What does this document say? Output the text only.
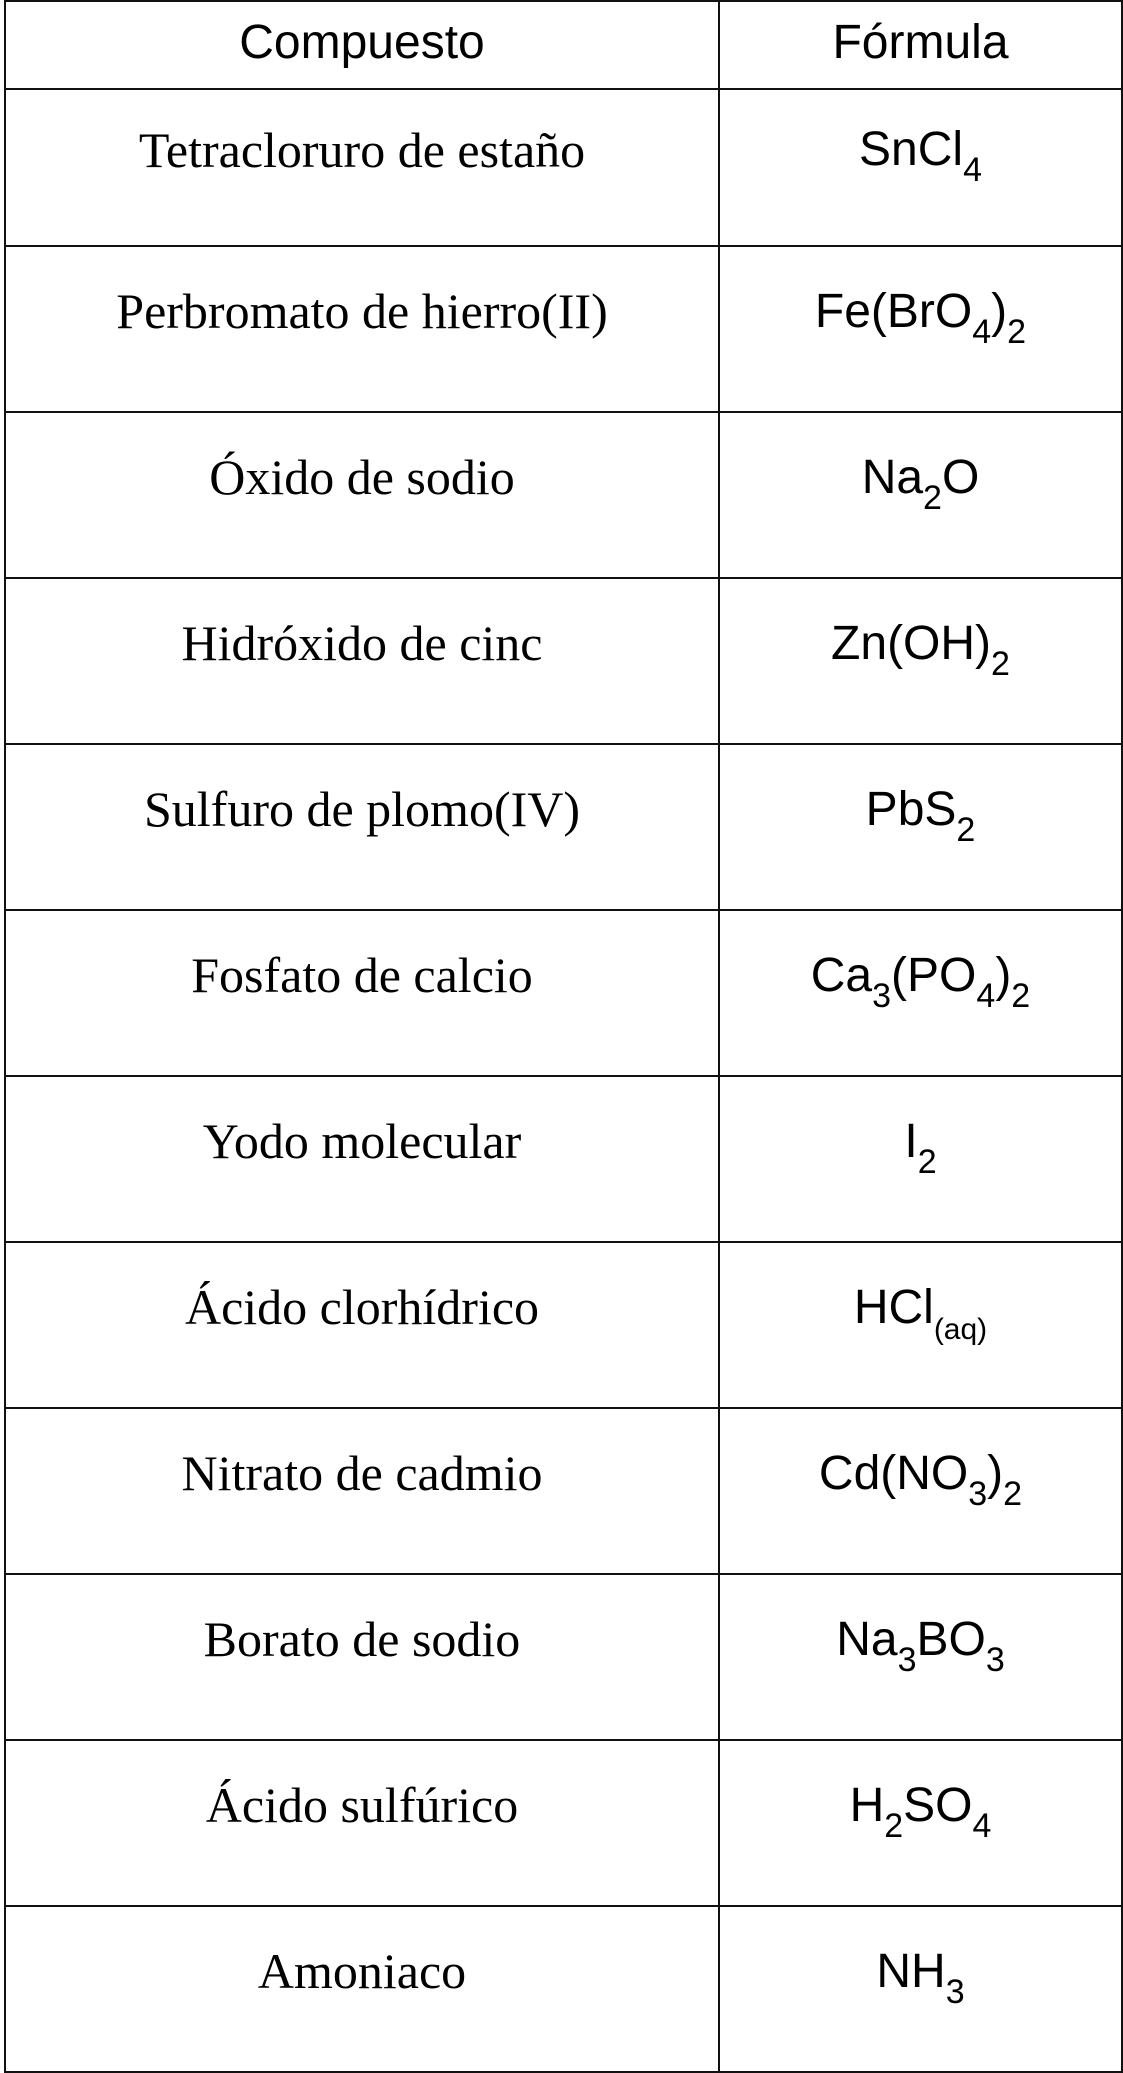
Compuesto	Fórmula
Tetracloruro de estaño	SnCl$_4$
Perbromato de hierro(II)	$Fe(BrO_4)_2$
Óxido de sodio	$Na_2O$
Hidróxido de cinc	$Zn(OH)_2$
Sulfuro de plomo(IV)	PbS$_2$
Fosfato de calcio	$Ca_3(PO_4)_2$
Yodo molecular	$I_2$
Ácido clorhídrico	HCl$_{(aq)}$
Nitrato de cadmio	$Cd(NO_3)_2$
Borato de sodio	$Na_3BO_3$
Ácido sulfúrico	$H_2SO_4$
Amoniaco	$NH_3$
